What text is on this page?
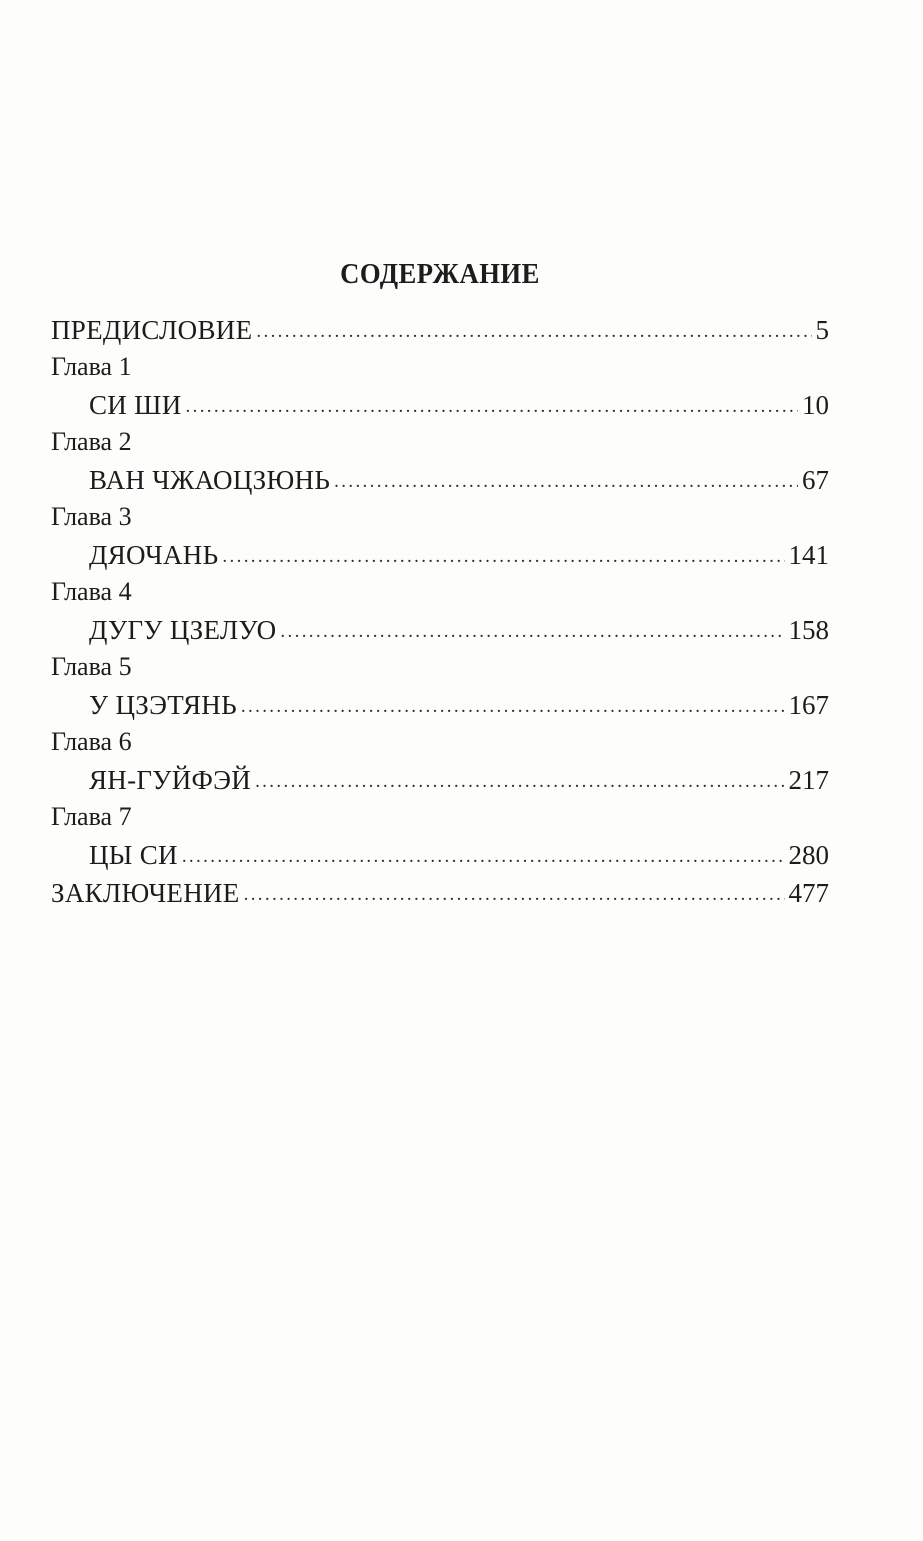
СОДЕРЖАНИЕ
ПРЕДИСЛОВИЕ . . .	5
Глава 1
СИ ШИ . . .	10
Глава 2
ВАН ЧЖАОЦЗЮНЬ . . .	67
Глава 3
ДЯОЧАНЬ . . .	141
Глава 4
ДУГУ ЦЗЕЛУО . . .	158
Глава 5
У ЦЗЭТЯНЬ . . .	167
Глава 6
ЯН-ГУЙФЭЙ . . .	217
Глава 7
ЦЫ СИ . . .	280
ЗАКЛЮЧЕНИЕ . . .	477
